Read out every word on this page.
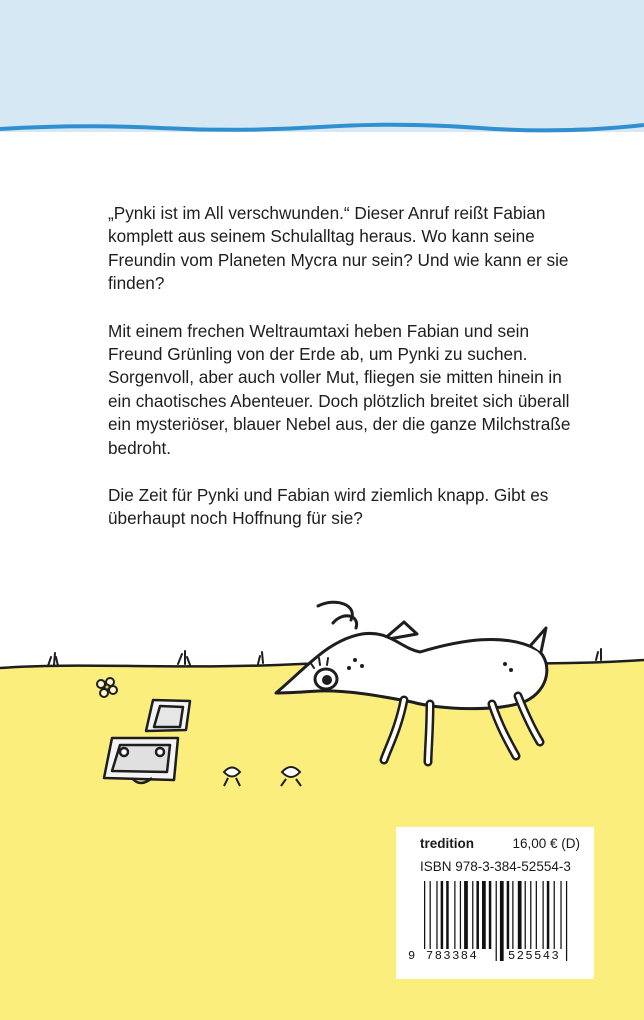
„Pynki ist im All verschwunden.“ Dieser Anruf reißt Fabian komplett aus seinem Schulalltag heraus. Wo kann seine Freundin vom Planeten Mycra nur sein? Und wie kann er sie finden?

Mit einem frechen Weltraumtaxi heben Fabian und sein Freund Grünling von der Erde ab, um Pynki zu suchen. Sorgenvoll, aber auch voller Mut, fliegen sie mitten hinein in ein chaotisches Abenteuer. Doch plötzlich breitet sich überall ein mysteriöser, blauer Nebel aus, der die ganze Milchstraße bedroht.

Die Zeit für Pynki und Fabian wird ziemlich knapp. Gibt es überhaupt noch Hoffnung für sie?

tredition	16,00 € (D)
ISBN 978-3-384-52554-3
9 783384 525543
